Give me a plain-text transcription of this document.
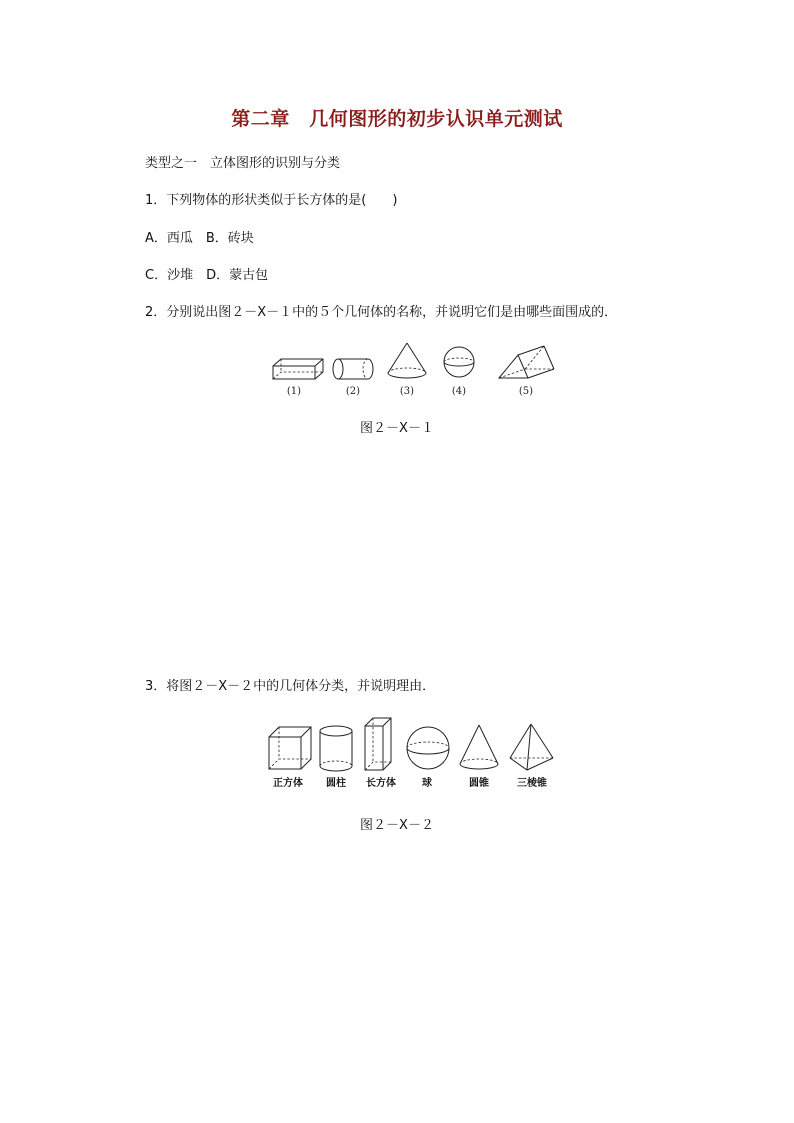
第二章　几何图形的初步认识单元测试
类型之一　立体图形的识别与分类
1．下列物体的形状类似于长方体的是(　　)
A．西瓜　B．砖块
C．沙堆　D．蒙古包
2．分别说出图２－X－１中的５个几何体的名称，并说明它们是由哪些面围成的．
(1)	(2)	(3)	(4)	(5)
图２－X－１
3．将图２－X－２中的几何体分类，并说明理由．
正方体 圆柱 长方体	球	圆锥	三棱锥
图２－X－２
